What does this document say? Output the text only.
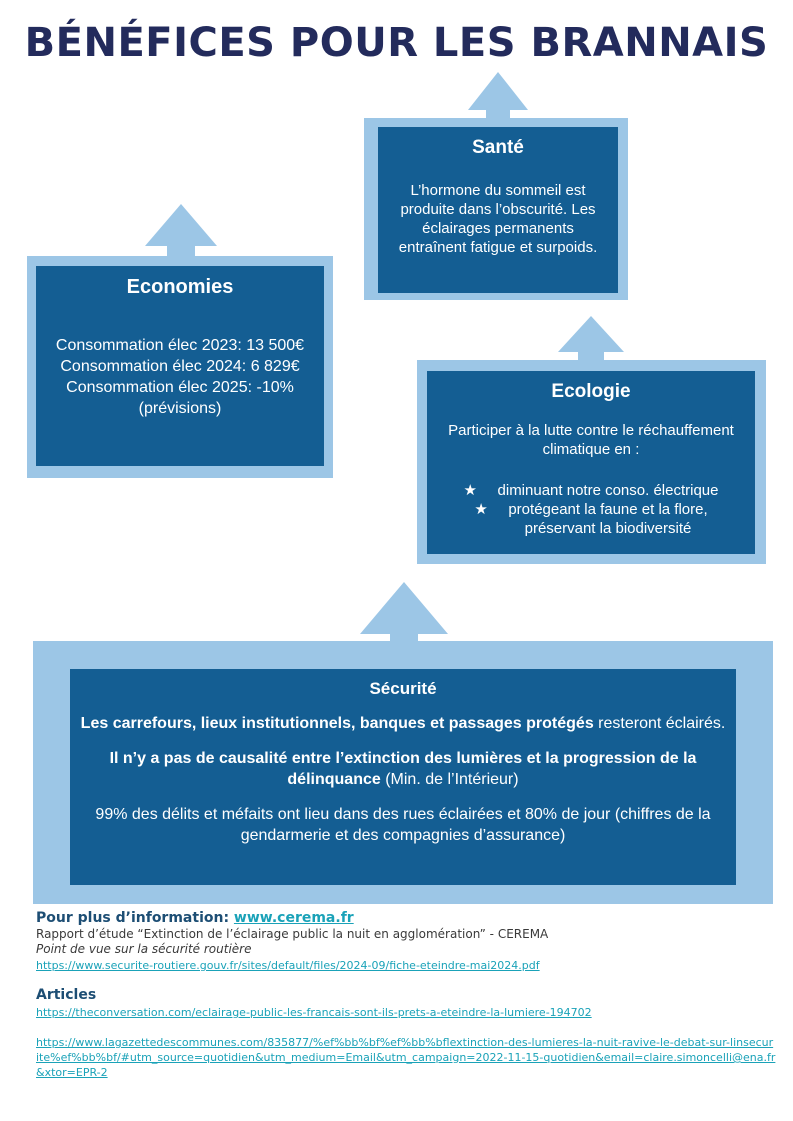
BÉNÉFICES POUR LES BRANNAIS

Santé

L’hormone du sommeil est produite dans l’obscurité. Les éclairages permanents entraînent fatigue et surpoids.

Economies

Consommation élec 2023: 13 500€

Consommation élec 2024: 6 829€

Consommation élec 2025: -10%

(prévisions)

Ecologie

Participer à la lutte contre le réchauffement climatique en :

★	diminuant notre conso. électrique
★	protégeant la faune et la flore,
préservant la biodiversité

Sécurité

Les carrefours, lieux institutionnels, banques et passages protégés resteront éclairés.

Il n’y a pas de causalité entre l’extinction des lumières et la progression de la délinquance (Min. de l’Intérieur)

99% des délits et méfaits ont lieu dans des rues éclairées et 80% de jour (chiffres de la gendarmerie et des compagnies d’assurance)

Pour plus d’information: www.cerema.fr

Rapport d’étude “Extinction de l’éclairage public la nuit en agglomération” - CEREMA

Point de vue sur la sécurité routière

https://www.securite-routiere.gouv.fr/sites/default/files/2024-09/fiche-eteindre-mai2024.pdf

Articles

https://theconversation.com/eclairage-public-les-francais-sont-ils-prets-a-eteindre-la-lumiere-194702

https://www.lagazettedescommunes.com/835877/%ef%bb%bf%ef%bb%bflextinction-des-lumieres-la-nuit-ravive-le-debat-sur-linsecurite%ef%bb%bf/#utm_source=quotidien&utm_medium=Email&utm_campaign=2022-11-15-quotidien&email=claire.simoncelli@ena.fr&xtor=EPR-2
